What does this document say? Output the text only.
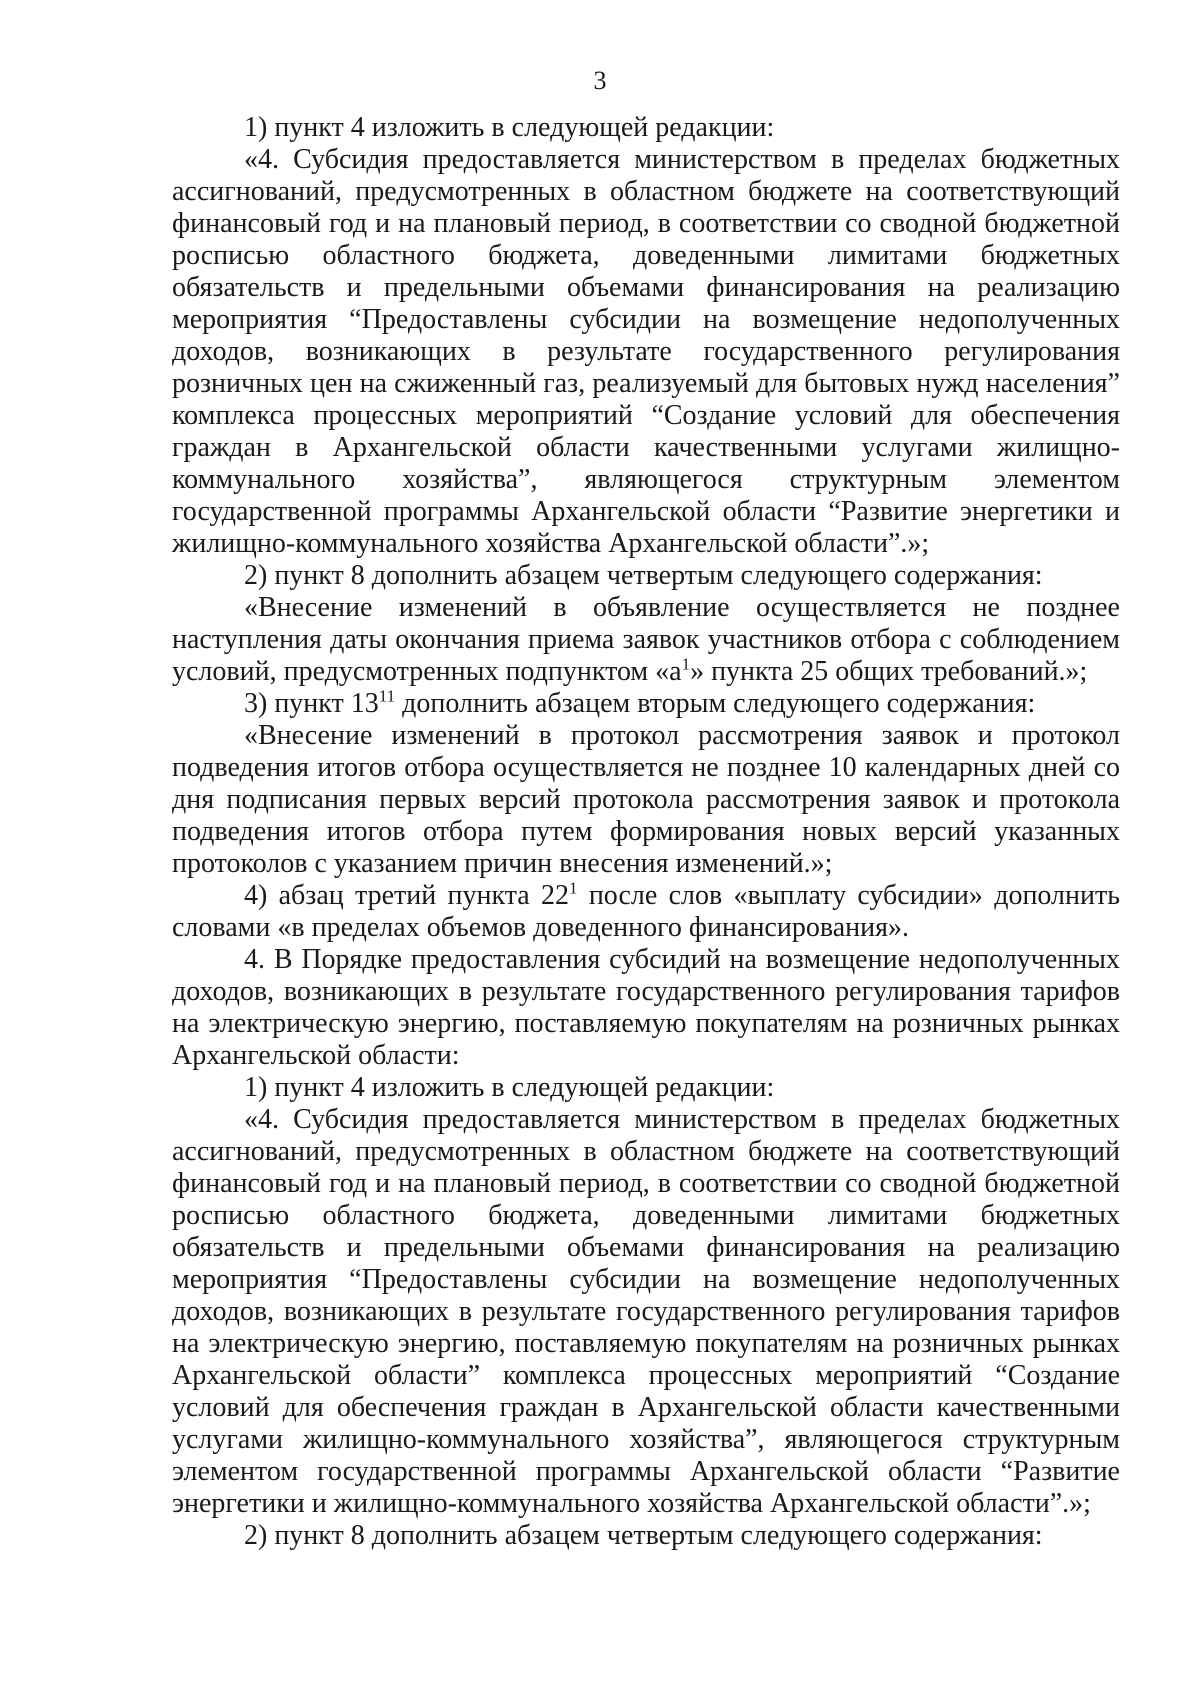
3

1) пункт 4 изложить в следующей редакции:

«4. Субсидия предоставляется министерством в пределах бюджетных ассигнований, предусмотренных в областном бюджете на соответствующий финансовый год и на плановый период, в соответствии со сводной бюджетной росписью областного бюджета, доведенными лимитами бюджетных обязательств и предельными объемами финансирования на реализацию мероприятия “Предоставлены субсидии на возмещение недополученных доходов, возникающих в результате государственного регулирования розничных цен на сжиженный газ, реализуемый для бытовых нужд населения” комплекса процессных мероприятий “Создание условий для обеспечения граждан в Архангельской области качественными услугами жилищно-коммунального хозяйства”, являющегося структурным элементом государственной программы Архангельской области “Развитие энергетики и жилищно-коммунального хозяйства Архангельской области”.»;

2) пункт 8 дополнить абзацем четвертым следующего содержания:

«Внесение изменений в объявление осуществляется не позднее наступления даты окончания приема заявок участников отбора с соблюдением условий, предусмотренных подпунктом «$а^1$» пункта 25 общих требований.»;

3) пункт $13^{11}$ дополнить абзацем вторым следующего содержания:

«Внесение изменений в протокол рассмотрения заявок и протокол подведения итогов отбора осуществляется не позднее 10 календарных дней со дня подписания первых версий протокола рассмотрения заявок и протокола подведения итогов отбора путем формирования новых версий указанных протоколов с указанием причин внесения изменений.»;

4) абзац третий пункта $22^1$ после слов «выплату субсидии» дополнить словами «в пределах объемов доведенного финансирования».

4. В Порядке предоставления субсидий на возмещение недополученных доходов, возникающих в результате государственного регулирования тарифов на электрическую энергию, поставляемую покупателям на розничных рынках Архангельской области:

1) пункт 4 изложить в следующей редакции:

«4. Субсидия предоставляется министерством в пределах бюджетных ассигнований, предусмотренных в областном бюджете на соответствующий финансовый год и на плановый период, в соответствии со сводной бюджетной росписью областного бюджета, доведенными лимитами бюджетных обязательств и предельными объемами финансирования на реализацию мероприятия “Предоставлены субсидии на возмещение недополученных доходов, возникающих в результате государственного регулирования тарифов на электрическую энергию, поставляемую покупателям на розничных рынках Архангельской области” комплекса процессных мероприятий “Создание условий для обеспечения граждан в Архангельской области качественными услугами жилищно-коммунального хозяйства”, являющегося структурным элементом государственной программы Архангельской области “Развитие энергетики и жилищно-коммунального хозяйства Архангельской области”.»;

2) пункт 8 дополнить абзацем четвертым следующего содержания:
